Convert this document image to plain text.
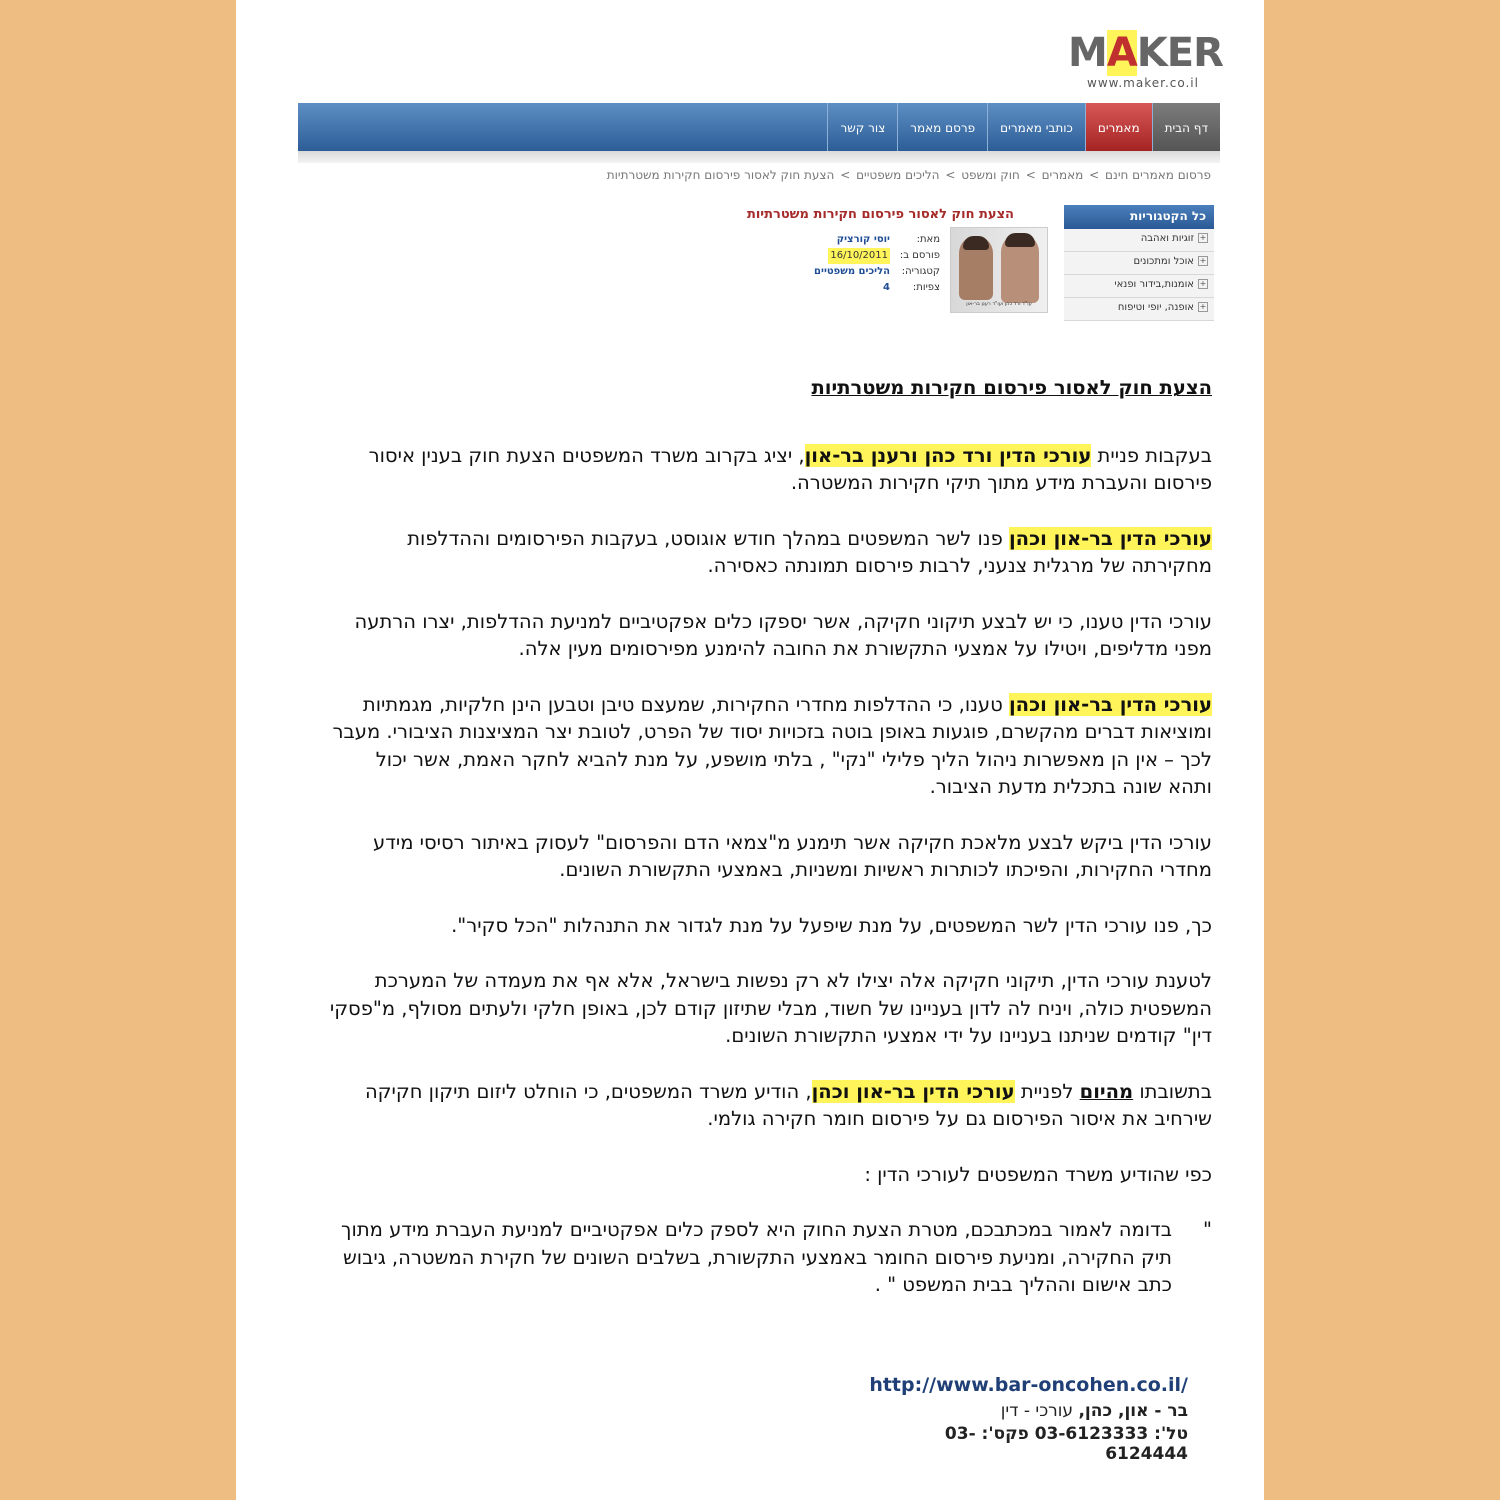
MAKER
www.maker.co.il
דף הבית
מאמרים
כותבי מאמרים
פרסם מאמר
צור קשר
פרסום מאמרים חינם > מאמרים > חוק ומשפט > הליכים משפטיים > הצעת חוק לאסור פירסום חקירות משטרתיות
כל הקטגוריות
+זוגיות ואהבה
+אוכל ומתכונים
+אומנות,בידור ופנאי
+אופנה, יופי וטיפוח
הצעת חוק לאסור פירסום חקירות משטרתיות
עו"ד ורד כהן ועו"ד רענן בר-און
מאת:
יוסי קורציק
פורסם ב:
16/10/2011
קטגוריה:
הליכים משפטיים
צפיות:
4
הצעת חוק לאסור פירסום חקירות משטרתיות

בעקבות פניית עורכי הדין ורד כהן ורענן בר-און, יציג בקרוב משרד המשפטים הצעת חוק בענין איסור פירסום והעברת מידע מתוך תיקי חקירות המשטרה.

עורכי הדין בר-און וכהן פנו לשר המשפטים במהלך חודש אוגוסט, בעקבות הפירסומים וההדלפות מחקירתה של מרגלית צנעני, לרבות פירסום תמונתה כאסירה.

עורכי הדין טענו, כי יש לבצע תיקוני חקיקה, אשר יספקו כלים אפקטיביים למניעת ההדלפות, יצרו הרתעה מפני מדליפים, ויטילו על אמצעי התקשורת את החובה להימנע מפירסומים מעין אלה.

עורכי הדין בר-און וכהן טענו, כי ההדלפות מחדרי החקירות, שמעצם טיבן וטבען הינן חלקיות, מגמתיות ומוציאות דברים מהקשרם, פוגעות באופן בוטה בזכויות יסוד של הפרט, לטובת יצר המציצנות הציבורי. מעבר לכך – אין הן מאפשרות ניהול הליך פלילי "נקי" , בלתי מושפע, על מנת להביא לחקר האמת, אשר יכול ותהא שונה בתכלית מדעת הציבור.

עורכי הדין ביקש לבצע מלאכת חקיקה אשר תימנע מ"צמאי הדם והפרסום" לעסוק באיתור רסיסי מידע מחדרי החקירות, והפיכתו לכותרות ראשיות ומשניות, באמצעי התקשורת השונים.

כך, פנו עורכי הדין לשר המשפטים, על מנת שיפעל על מנת לגדור את התנהלות "הכל סקיר".

לטענת עורכי הדין, תיקוני חקיקה אלה יצילו לא רק נפשות בישראל, אלא אף את מעמדה של המערכת המשפטית כולה, ויניח לה לדון בעניינו של חשוד, מבלי שתיזון קודם לכן, באופן חלקי ולעתים מסולף, מ"פסקי דין" קודמים שניתנו בעניינו על ידי אמצעי התקשורת השונים.

בתשובתו מהיום לפניית עורכי הדין בר-און וכהן, הודיע משרד המשפטים, כי הוחלט ליזום תיקון חקיקה שירחיב את איסור הפירסום גם על פירסום חומר חקירה גולמי.

כפי שהודיע משרד המשפטים לעורכי הדין :

"
בדומה לאמור במכתבכם, מטרת הצעת החוק היא לספק כלים אפקטיביים למניעת העברת מידע מתוך תיק החקירה, ומניעת פירסום החומר באמצעי התקשורת, בשלבים השונים של חקירת המשטרה, גיבוש כתב אישום וההליך בבית המשפט " .
http://www.bar-oncohen.co.il/
בר - און, כהן, עורכי - דין
טל': 03-6123333 פקס': 03-6124444
